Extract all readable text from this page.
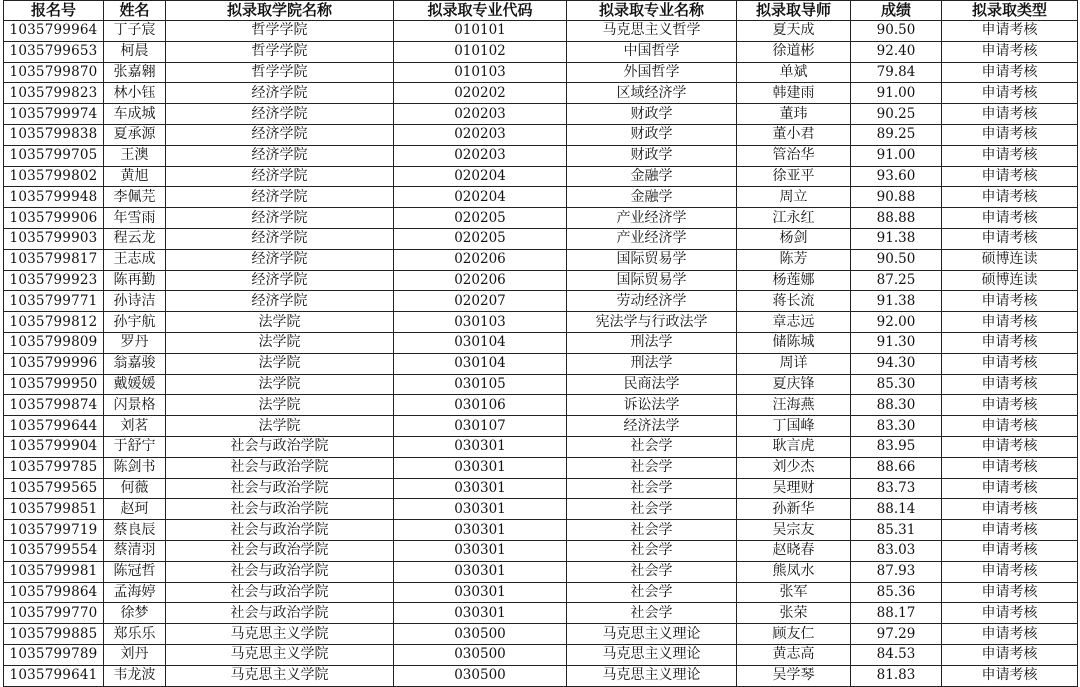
报名号	姓名	拟录取学院名称	拟录取专业代码	拟录取专业名称	拟录取导师	成绩	拟录取类型
1035799964	丁子宸	哲学学院	010101	马克思主义哲学	夏天成	90.50	申请考核
1035799653	柯晨	哲学学院	010102	中国哲学	徐道彬	92.40	申请考核
1035799870	张嘉翱	哲学学院	010103	外国哲学	单斌	79.84	申请考核
1035799823	林小钰	经济学院	020202	区域经济学	韩建雨	91.00	申请考核
1035799974	车成城	经济学院	020203	财政学	董玮	90.25	申请考核
1035799838	夏承源	经济学院	020203	财政学	董小君	89.25	申请考核
1035799705	王澳	经济学院	020203	财政学	管治华	91.00	申请考核
1035799802	黄旭	经济学院	020204	金融学	徐亚平	93.60	申请考核
1035799948	李佩芫	经济学院	020204	金融学	周立	90.88	申请考核
1035799906	年雪雨	经济学院	020205	产业经济学	江永红	88.88	申请考核
1035799903	程云龙	经济学院	020205	产业经济学	杨剑	91.38	申请考核
1035799817	王志成	经济学院	020206	国际贸易学	陈芳	90.50	硕博连读
1035799923	陈再勤	经济学院	020206	国际贸易学	杨莲娜	87.25	硕博连读
1035799771	孙诗洁	经济学院	020207	劳动经济学	蒋长流	91.38	申请考核
1035799812	孙宇航	法学院	030103	宪法学与行政法学	章志远	92.00	申请考核
1035799809	罗丹	法学院	030104	刑法学	储陈城	91.30	申请考核
1035799996	翁嘉骏	法学院	030104	刑法学	周详	94.30	申请考核
1035799950	戴媛媛	法学院	030105	民商法学	夏庆锋	85.30	申请考核
1035799874	闪景格	法学院	030106	诉讼法学	汪海燕	88.30	申请考核
1035799644	刘茗	法学院	030107	经济法学	丁国峰	83.30	申请考核
1035799904	于舒宁	社会与政治学院	030301	社会学	耿言虎	83.95	申请考核
1035799785	陈剑书	社会与政治学院	030301	社会学	刘少杰	88.66	申请考核
1035799565	何薇	社会与政治学院	030301	社会学	吴理财	83.73	申请考核
1035799851	赵珂	社会与政治学院	030301	社会学	孙新华	88.14	申请考核
1035799719	蔡良辰	社会与政治学院	030301	社会学	吴宗友	85.31	申请考核
1035799554	蔡清羽	社会与政治学院	030301	社会学	赵晓春	83.03	申请考核
1035799981	陈冠哲	社会与政治学院	030301	社会学	熊凤水	87.93	申请考核
1035799864	孟海婷	社会与政治学院	030301	社会学	张军	85.36	申请考核
1035799770	徐梦	社会与政治学院	030301	社会学	张荣	88.17	申请考核
1035799885	郑乐乐	马克思主义学院	030500	马克思主义理论	顾友仁	97.29	申请考核
1035799789	刘丹	马克思主义学院	030500	马克思主义理论	黄志高	84.53	申请考核
1035799641	韦龙波	马克思主义学院	030500	马克思主义理论	吴学琴	81.83	申请考核
